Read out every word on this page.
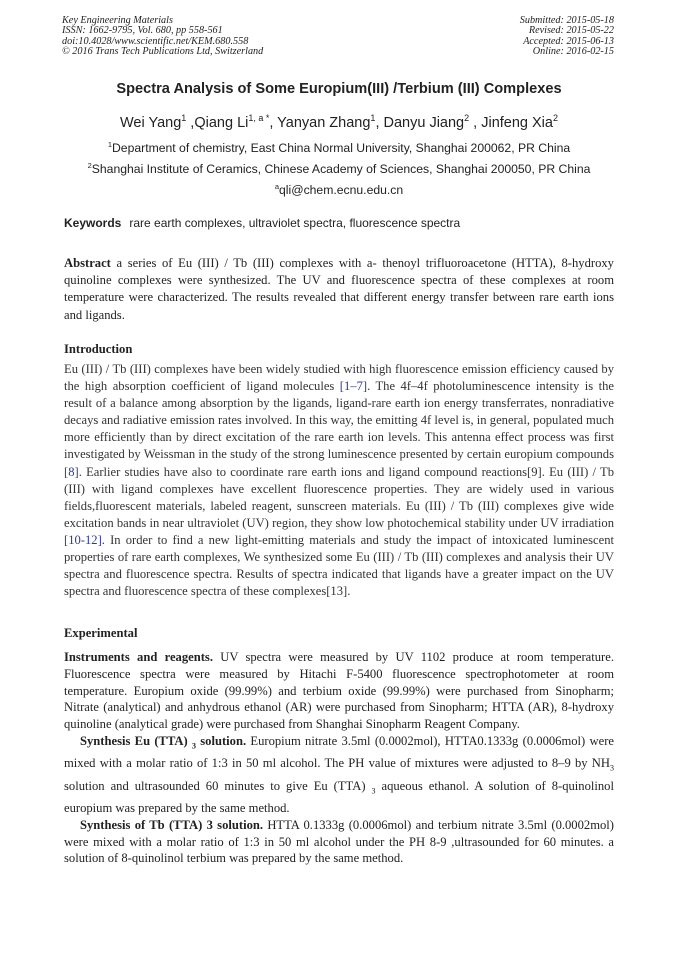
Key Engineering Materials
ISSN: 1662-9795, Vol. 680, pp 558-561
doi:10.4028/www.scientific.net/KEM.680.558
© 2016 Trans Tech Publications Ltd, Switzerland
Submitted: 2015-05-18
Revised: 2015-05-22
Accepted: 2015-06-13
Online: 2016-02-15
Spectra Analysis of Some Europium(III) /Terbium (III) Complexes
Wei Yang$^1$ ,Qiang $Li^{1, a *}$, Yanyan Zhang$^1$, Danyu Jiang$^2$ , Jinfeng Xia$^2$
$^1$Department of chemistry, East China Normal University, Shanghai 200062, PR China
$^2$Shanghai Institute of Ceramics, Chinese Academy of Sciences, Shanghai 200050, PR China
$^a$qli@chem.ecnu.edu.cn
Keywords rare earth complexes, ultraviolet spectra, fluorescence spectra

Abstract a series of Eu (III) / Tb (III) complexes with a- thenoyl trifluoroacetone (HTTA), 8-hydroxy quinoline complexes were synthesized. The UV and fluorescence spectra of these complexes at room temperature were characterized. The results revealed that different energy transfer between rare earth ions and ligands.

Introduction

Eu (III) / Tb (III) complexes have been widely studied with high fluorescence emission efficiency caused by the high absorption coefficient of ligand molecules [1–7]. The 4f–4f photoluminescence intensity is the result of a balance among absorption by the ligands, ligand-rare earth ion energy transferrates, nonradiative decays and radiative emission rates involved. In this way, the emitting 4f level is, in general, populated much more efficiently than by direct excitation of the rare earth ion levels. This antenna effect process was first investigated by Weissman in the study of the strong luminescence presented by certain europium compounds [8]. Earlier studies have also to coordinate rare earth ions and ligand compound reactions[9]. Eu (III) / Tb (III) with ligand complexes have excellent fluorescence properties. They are widely used in various fields,fluorescent materials, labeled reagent, sunscreen materials. Eu (III) / Tb (III) complexes give wide excitation bands in near ultraviolet (UV) region, they show low photochemical stability under UV irradiation [10-12]. In order to find a new light-emitting materials and study the impact of intoxicated luminescent properties of rare earth complexes, We synthesized some Eu (III) / Tb (III) complexes and analysis their UV spectra and fluorescence spectra. Results of spectra indicated that ligands have a greater impact on the UV spectra and fluorescence spectra of these complexes[13].

Experimental

Instruments and reagents. UV spectra were measured by UV 1102 produce at room temperature. Fluorescence spectra were measured by Hitachi F-5400 fluorescence spectrophotometer at room temperature. Europium oxide (99.99%) and terbium oxide (99.99%) were purchased from Sinopharm; Nitrate (analytical) and anhydrous ethanol (AR) were purchased from Sinopharm; HTTA (AR), 8-hydroxy quinoline (analytical grade) were purchased from Shanghai Sinopharm Reagent Company.

Synthesis Eu (TTA) $_3$ solution. Europium nitrate 3.5ml (0.0002mol), HTTA0.1333g (0.0006mol) were mixed with a molar ratio of 1:3 in 50 ml alcohol. The PH value of mixtures were adjusted to 8–9 by $NH_3$ solution and ultrasounded 60 minutes to give Eu (TTA) $_3$ aqueous ethanol. A solution of 8-quinolinol europium was prepared by the same method.

Synthesis of Tb (TTA) 3 solution. HTTA 0.1333g (0.0006mol) and terbium nitrate 3.5ml (0.0002mol) were mixed with a molar ratio of 1:3 in 50 ml alcohol under the PH 8-9 ,ultrasounded for 60 minutes. a solution of 8-quinolinol terbium was prepared by the same method.
